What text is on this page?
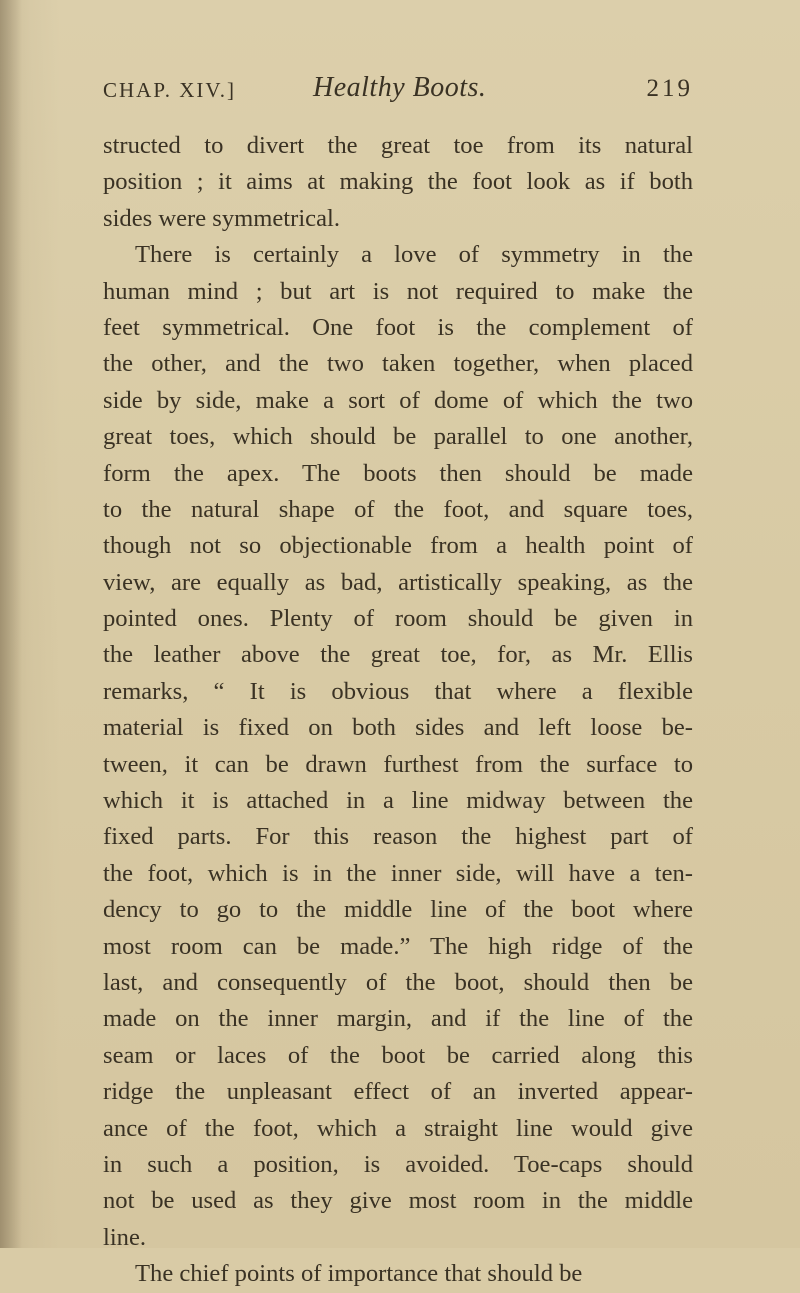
CHAP. XIV.]	Healthy Boots.	219
structed to divert the great toe from its natural
position ; it aims at making the foot look as if both
sides were symmetrical.
There is certainly a love of symmetry in the
human mind ; but art is not required to make the
feet symmetrical. One foot is the complement of
the other, and the two taken together, when placed
side by side, make a sort of dome of which the two
great toes, which should be parallel to one another,
form the apex. The boots then should be made
to the natural shape of the foot, and square toes,
though not so objectionable from a health point of
view, are equally as bad, artistically speaking, as the
pointed ones. Plenty of room should be given in
the leather above the great toe, for, as Mr. Ellis
remarks, “ It is obvious that where a flexible
material is fixed on both sides and left loose be-
tween, it can be drawn furthest from the surface to
which it is attached in a line midway between the
fixed parts. For this reason the highest part of
the foot, which is in the inner side, will have a ten-
dency to go to the middle line of the boot where
most room can be made.” The high ridge of the
last, and consequently of the boot, should then be
made on the inner margin, and if the line of the
seam or laces of the boot be carried along this
ridge the unpleasant effect of an inverted appear-
ance of the foot, which a straight line would give
in such a position, is avoided. Toe-caps should
not be used as they give most room in the middle
line.
The chief points of importance that should be
